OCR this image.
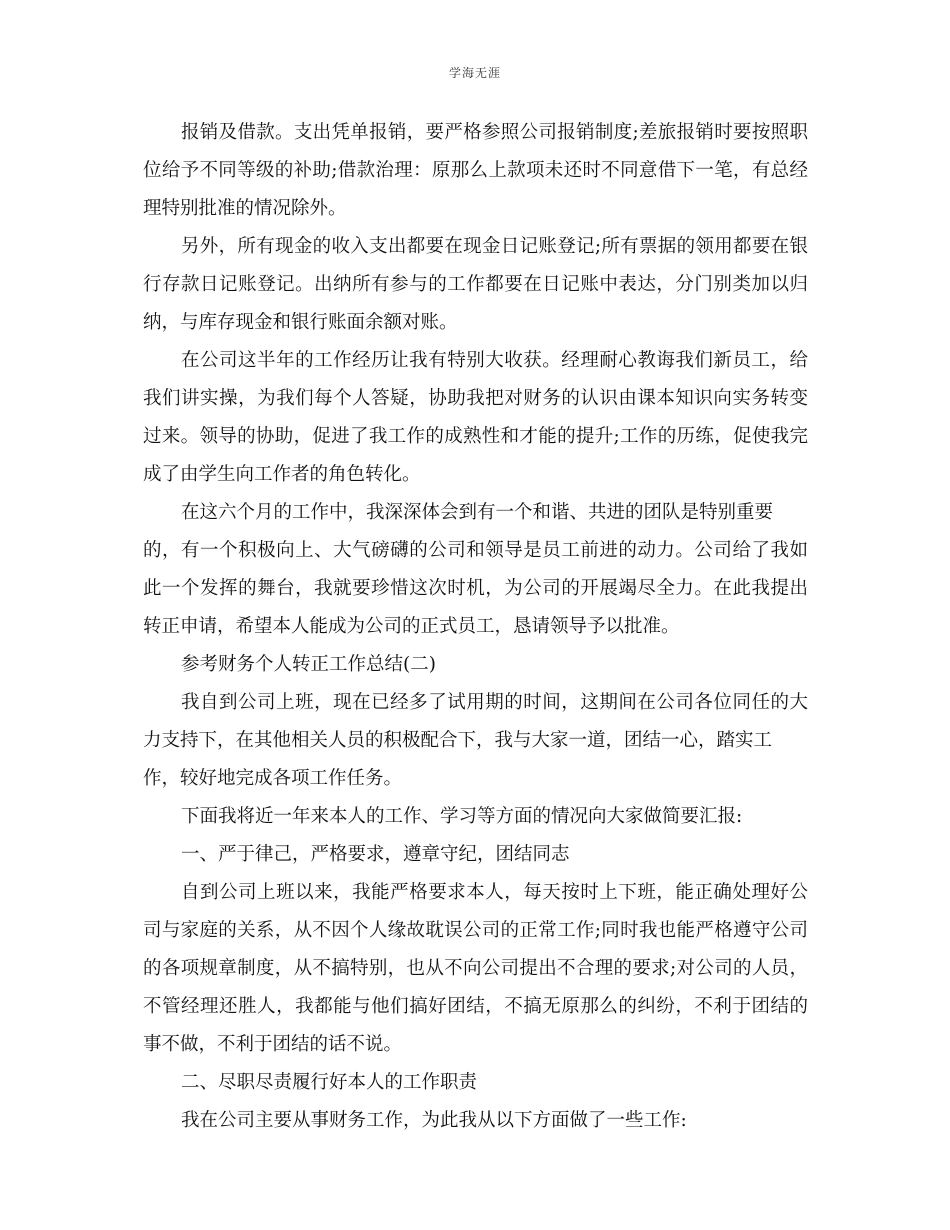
学海无涯
报销及借款。支出凭单报销，要严格参照公司报销制度;差旅报销时要按照职
位给予不同等级的补助;借款治理：原那么上款项未还时不同意借下一笔，有总经
理特别批准的情况除外。
另外，所有现金的收入支出都要在现金日记账登记;所有票据的领用都要在银
行存款日记账登记。出纳所有参与的工作都要在日记账中表达，分门别类加以归
纳，与库存现金和银行账面余额对账。
在公司这半年的工作经历让我有特别大收获。经理耐心教诲我们新员工，给
我们讲实操，为我们每个人答疑，协助我把对财务的认识由课本知识向实务转变
过来。领导的协助，促进了我工作的成熟性和才能的提升;工作的历练，促使我完
成了由学生向工作者的角色转化。
在这六个月的工作中，我深深体会到有一个和谐、共进的团队是特别重要
的，有一个积极向上、大气磅礴的公司和领导是员工前进的动力。公司给了我如
此一个发挥的舞台，我就要珍惜这次时机，为公司的开展竭尽全力。在此我提出
转正申请，希望本人能成为公司的正式员工，恳请领导予以批准。
参考财务个人转正工作总结(二)
我自到公司上班，现在已经多了试用期的时间，这期间在公司各位同任的大
力支持下，在其他相关人员的积极配合下，我与大家一道，团结一心，踏实工
作，较好地完成各项工作任务。
下面我将近一年来本人的工作、学习等方面的情况向大家做简要汇报:
一、严于律己，严格要求，遵章守纪，团结同志
自到公司上班以来，我能严格要求本人，每天按时上下班，能正确处理好公
司与家庭的关系，从不因个人缘故耽误公司的正常工作;同时我也能严格遵守公司
的各项规章制度，从不搞特别，也从不向公司提出不合理的要求;对公司的人员，
不管经理还胜人，我都能与他们搞好团结，不搞无原那么的纠纷，不利于团结的
事不做，不利于团结的话不说。
二、尽职尽责履行好本人的工作职责
我在公司主要从事财务工作，为此我从以下方面做了一些工作:
